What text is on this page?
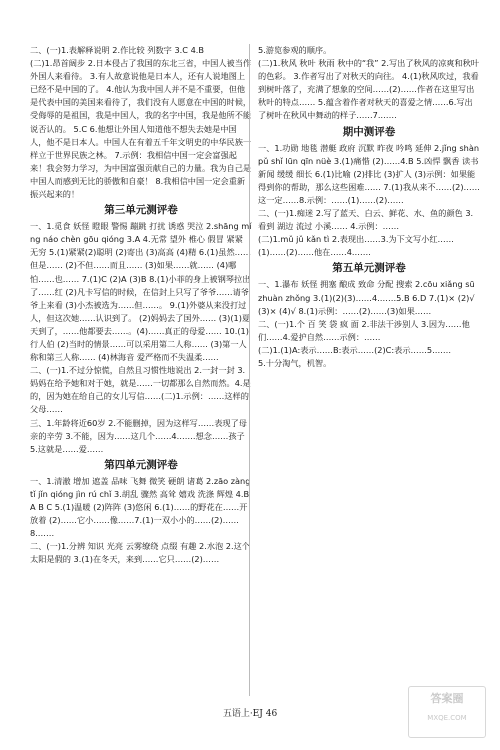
二、(一)1.表解释说明 2.作比较 列数字 3.C 4.B

(二)1.昂首阔步 2.日本侵占了我国的东北三省，中国人被当作外国人来看待。 3.有人故意说他是日本人，还有人说地图上已经不是中国的了。 4.他认为我中国人并不是不重要，但他是代表中国的美国来看待了，我们没有人愿意在中国的时候，受侮辱的是祖国，我是中国人，我的名字中国，我是他所不能说否认的。 5.C 6.他想让外国人知道他不想失去她是中国人，他不是日本人。中国人在有着五千年文明史的中华民族一样立于世界民族之林。 7.示例：我相信中国一定会富强起来！我会努力学习，为中国富强贡献自己的力量。我为自己是中国人而感到无比的骄傲和自豪！ 8.我相信中国一定会重新振兴起来的！

第三单元测评卷

一、1.觅食 妖怪 瞪眼 警惕 蹦跳 打扰 诱惑 哭泣 2.shāng míng náo chèn gōu qióng 3.A 4.无常 望外 椎心 假冒 紧紧 无穷 5.(1)紧紧(2)聪明 (2)寄出 (3)高高 (4)精 6.(1)虽然……但是…… (2)不但……而且…… (3)如果……就…… (4)哪怕……也…… 7.(1)C (2)A (3)B 8.(1)小菲的身上被钢琴拉出了……红 (2)凡卡写信的时候，在信封上只写了爷爷……请爷爷上来看 (3)小杰被选为……但……。 9.(1)外婆从来没打过人，但这次她……认识到了。 (2)妈妈去了国外…… (3)(1)夏天到了，……他都要去……。(4)……真正的母爱…… 10.(1)行人伯 (2)当时的情景……可以采用第二人称…… (3)第一人称和第三人称…… (4)林海音 爱严格而不失温柔……

二、(一)1.不过分惊慌，自然且习惯性地说出 2.一封一封 3.妈妈在给予她和对于她，就是……一切都那么自然而然。4.是的，因为她在给自己的女儿写信……(二)1.示例：……这样的父母……

三、1.年龄将近60岁 2.不能删掉，因为这样写……表现了母亲的辛劳 3.不能，因为……这几个……4.……想念……孩子 5.这就是……爱……

第四单元测评卷

一、1.清澈 增加 遮盖 品味 飞舞 微笑 硬朗 诸葛 2.zāo zàng tǐ jǐn qióng jìn rú chǐ 3.胡乱 骤然 高耸 嬉戏 洗涤 辉煌 4.B A B C 5.(1)温暖 (2)阵阵 (3)悠闲 6.(1)……的野花在……开放着 (2)……它小……像……7.(1)一双小小的……(2)……8.……

二、(一)1.分辨 知识 光亮 云雾缭绕 点缀 有趣 2.水泡 2.这个太阳是假的 3.(1)在冬天，来到……它只……(2)……

5.游览参观的顺序。

(二)1.秋风 秋叶 秋雨 秋中的“我” 2.写出了秋风的凉爽和秋叶的色彩。 3.作者写出了对秋天的向往。 4.(1)秋风吹过，我看到树叶落了，充满了想象的空间……(2)……作者在这里写出秋叶的特点…… 5.蕴含着作者对秋天的喜爱之情……6.写出了树叶在秋风中舞动的样子……7.……

期中测评卷

一、1.功勋 地毯 潜艇 政府 沉默 昨夜 吟鸣 延伸 2.jǐng shàn pǔ shǐ lūn qīn nüè 3.(1)痛惜 (2)……4.B 5.凶悍 飘香 读书 新闻 缓缓 细长 6.(1)比喻 (2)排比 (3)扩人 (3)示例：如果能得到你的帮助，那么这些困难…… 7.(1)我从来不……(2)……这一定……8.示例：……(1)……(2)……

二、(一)1.痴迷 2.写了蓝天、白云、鲜花、水、鱼的颜色 3.看到 湖边 流过 小溪…… 4.示例：……

(二)1.mǔ jǔ kǎn tì 2.表现出……3.为下文写小红……(1)……(2)……他在……4.……

第五单元测评卷

一、1.瀑布 妖怪 拥塞 酿成 致命 分配 搜索 2.cōu xiǎng sū zhuàn zhǒng 3.(1)(2)(3)……4.……5.B 6.D 7.(1)× (2)√ (3)× (4)√ 8.(1)示例：……(2)……(3)如果……

二、(一)1.个 百 笑 袋 疯 面 2.非法干涉别人 3.因为……他们……4.爱护自然……示例：……

(二)1.(1)A:表示……B:表示……(2)C:表示……5.……

5.十分淘气，机智。

五语上·EJ 46
答案圈
MXQE.COM
